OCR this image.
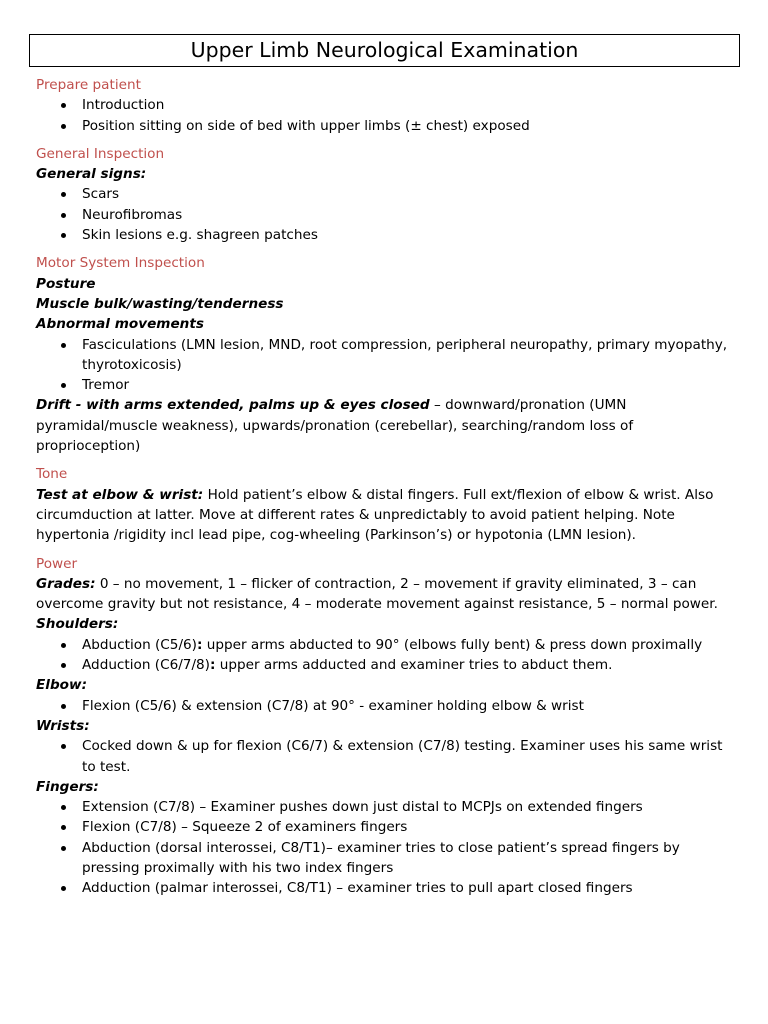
Upper Limb Neurological Examination

Prepare patient

Introduction
Position sitting on side of bed with upper limbs (± chest) exposed

General Inspection

General signs:

Scars
Neurofibromas
Skin lesions e.g. shagreen patches

Motor System Inspection

Posture

Muscle bulk/wasting/tenderness

Abnormal movements

Fasciculations (LMN lesion, MND, root compression, peripheral neuropathy, primary myopathy, thyrotoxicosis)
Tremor

Drift - with arms extended, palms up & eyes closed – downward/pronation (UMN pyramidal/muscle weakness), upwards/pronation (cerebellar), searching/random loss of proprioception)

Tone

Test at elbow & wrist: Hold patient’s elbow & distal fingers. Full ext/flexion of elbow & wrist. Also circumduction at latter. Move at different rates & unpredictably to avoid patient helping. Note hypertonia /rigidity incl lead pipe, cog-wheeling (Parkinson’s) or hypotonia (LMN lesion).

Power

Grades: 0 – no movement, 1 – flicker of contraction, 2 – movement if gravity eliminated, 3 – can overcome gravity but not resistance, 4 – moderate movement against resistance, 5 – normal power.

Shoulders:

Abduction (C5/6): upper arms abducted to 90° (elbows fully bent) & press down proximally
Adduction (C6/7/8): upper arms adducted and examiner tries to abduct them.

Elbow:

Flexion (C5/6) & extension (C7/8) at 90° - examiner holding elbow & wrist

Wrists:

Cocked down & up for flexion (C6/7) & extension (C7/8) testing. Examiner uses his same wrist to test.

Fingers:

Extension (C7/8) – Examiner pushes down just distal to MCPJs on extended fingers
Flexion (C7/8) – Squeeze 2 of examiners fingers
Abduction (dorsal interossei, C8/T1)– examiner tries to close patient’s spread fingers by pressing proximally with his two index fingers
Adduction (palmar interossei, C8/T1) – examiner tries to pull apart closed fingers
